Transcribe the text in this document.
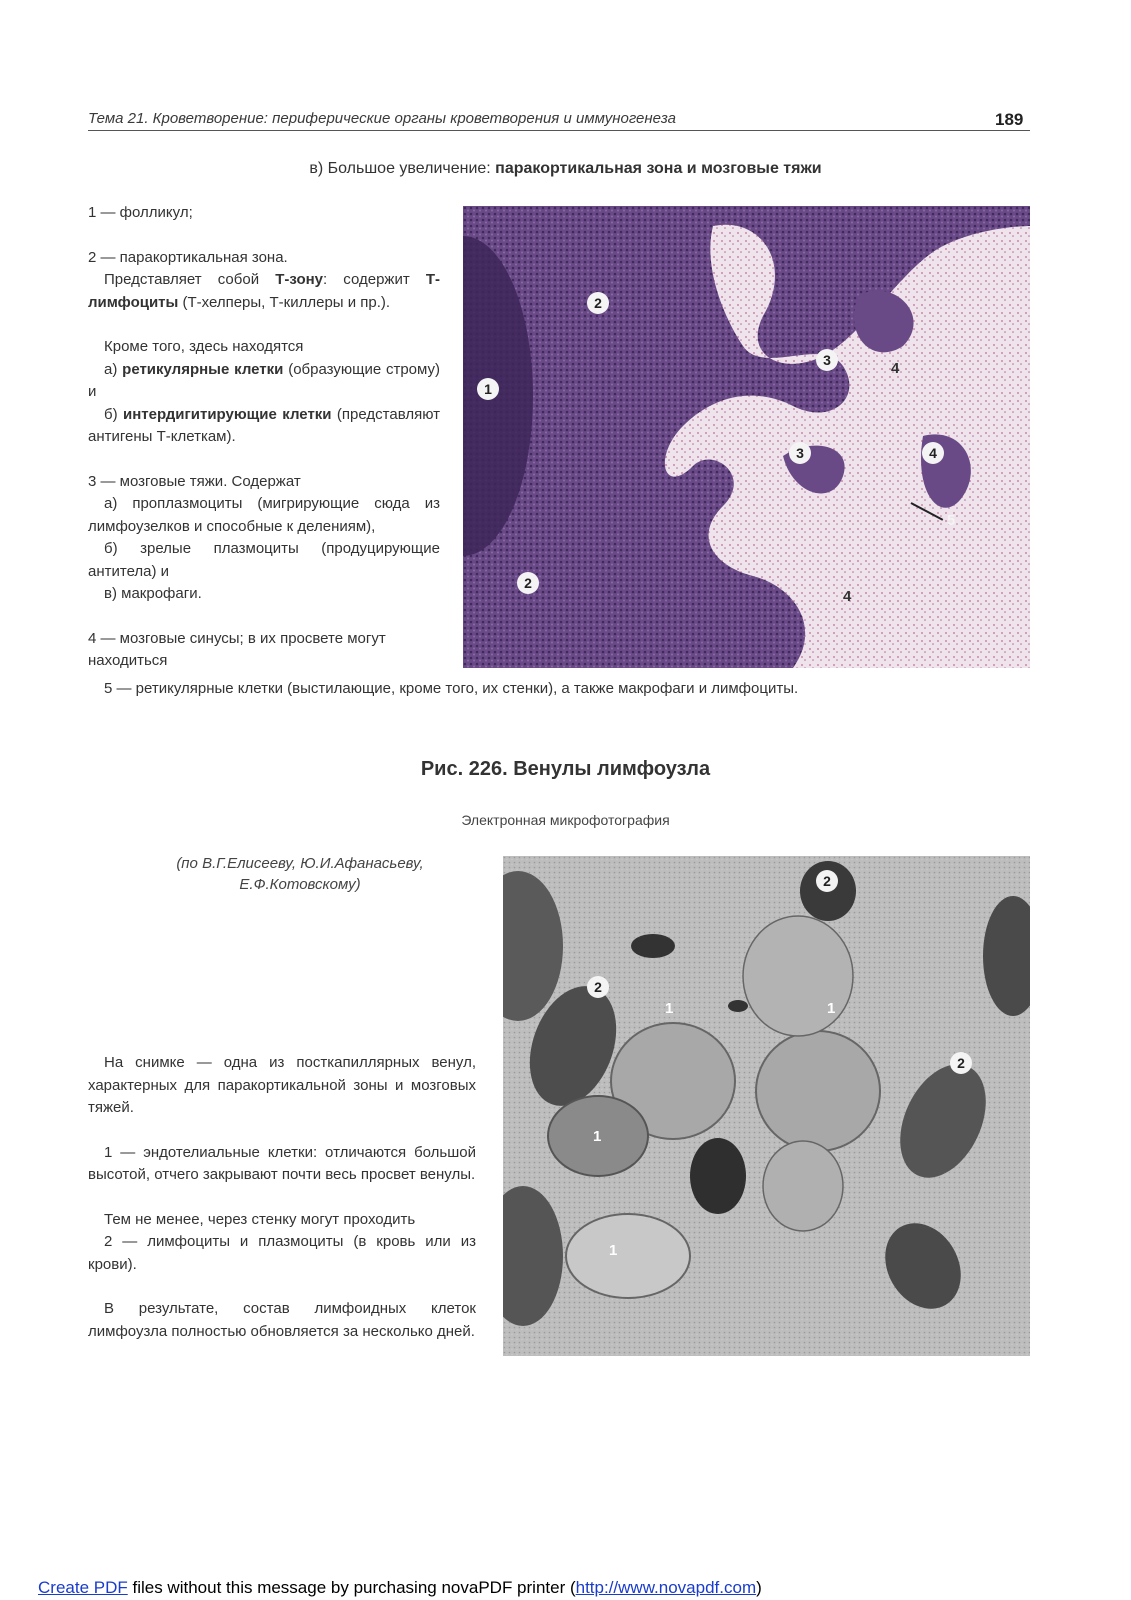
Тема 21. Кроветворение: периферические органы кроветворения и иммуногенеза	189
в) Большое увеличение: паракортикальная зона и мозговые тяжи

1 — фолликул;

2 — паракортикальная зона.

Представляет собой Т-зону: содержит Т-лимфоциты (Т-хелперы, Т-киллеры и пр.).

Кроме того, здесь находятся

а) ретикулярные клетки (образующие строму) и

б) интердигитирующие клетки (представляют антигены Т-клеткам).

3 — мозговые тяжи. Содержат

а) проплазмоциты (мигрирующие сюда из лимфоузелков и способные к делениям),

б) зрелые плазмоциты (продуцирующие антитела) и

в) макрофаги.

4 — мозговые синусы; в их просвете могут находиться

5 — ретикулярные клетки (выстилающие, кроме того, их стенки), а также макрофаги и лимфоциты.
1
2
2
3
3
4
4
4
5
Рис. 226. Венулы лимфоузла
Электронная микрофотография
(по В.Г.Елисееву, Ю.И.Афанасьеву,
Е.Ф.Котовскому)

На снимке — одна из посткапиллярных венул, характерных для паракортикальной зоны и мозговых тяжей.

1 — эндотелиальные клетки: отличаются большой высотой, отчего закрывают почти весь просвет венулы.

Тем не менее, через стенку могут проходить

2 — лимфоциты и плазмоциты (в кровь или из крови).

В результате, состав лимфоидных клеток лимфоузла полностью обновляется за несколько дней.

2
2
2
1	1
1
1
Create PDF files without this message by purchasing novaPDF printer (http://www.novapdf.com)
